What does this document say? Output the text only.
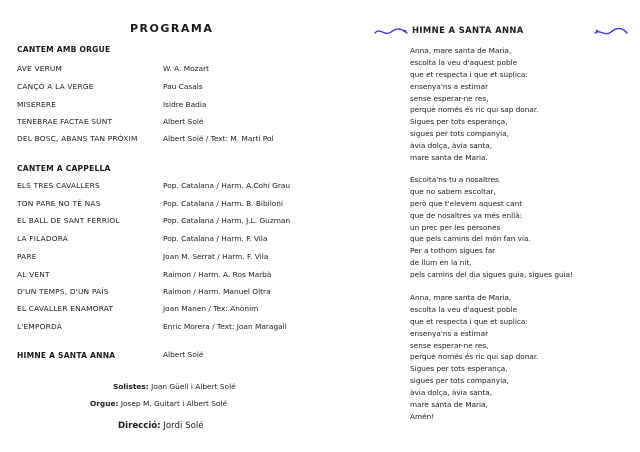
PROGRAMA
CANTEM AMB ORGUE
AVE VERUM	W. A. Mozart
CANÇÓ A LA VERGE	Pau Casals
MISERERE	Isidre Badia
TENEBRAE FACTAE SUNT	Albert Solé
DEL BOSC, ABANS TAN PRÒXIM	Albert Solé / Text: M. Martí Pol
CANTEM A CAPPELLA
ELS TRES CAVALLERS	Pop. Catalana / Harm. A.Cohí Grau
TON PARE NO TÉ NAS	Pop. Catalana / Harm. B. Bibiloni
EL BALL DE SANT FERRIOL	Pop. Catalana / Harm. J.L. Guzman
LA FILADORA	Pop. Catalana / Harm. F. Vila
PARE	Joan M. Serrat / Harm. F. Vila
AL VENT	Raimon / Harm. A. Ros Marbà
D'UN TEMPS, D'UN PAÍS	Raimon / Harm. Manuel Oltra
EL CAVALLER ENAMORAT	Joan Manen / Tex: Anònim
L'EMPORDÀ	Enric Morera / Text: Joan Maragall
HIMNE A SANTA ANNA	Albert Solé
Solistes: Joan Güell i Albert Solé
Orgue: Josep M. Guitart i Albert Solé
Direcció: Jordi Solé
HIMNE A SANTA ANNA
Anna, mare santa de Maria,
escolta la veu d'aquest poble
que et respecta i que et suplica:
ensenya'ns a estimar
sense esperar-ne res,
perquè només és ric qui sap donar.
Sigues per tots esperança,
sigues per tots companyia,
àvia dolça, àvia santa,
mare santa de Maria.
Escolta'ns tu a nosaltres
que no sabem escoltar,
però que t'elevem aquest cant
que de nosaltres va més enllà:
un prec per les persones
que pels camins del món fan via.
Per a tothom sigues far
de llum en la nit,
pels camins del dia sigues guia, sigues guia!
Anna, mare santa de Maria,
escolta la veu d'aquest poble
que et respecta i que et suplica:
ensenya'ns a estimar
sense esperar-ne res,
perquè només és ric qui sap donar.
Sigues per tots esperança,
sigues per tots companyia,
àvia dolça, àvia santa,
mare santa de Maria,
Amén!
